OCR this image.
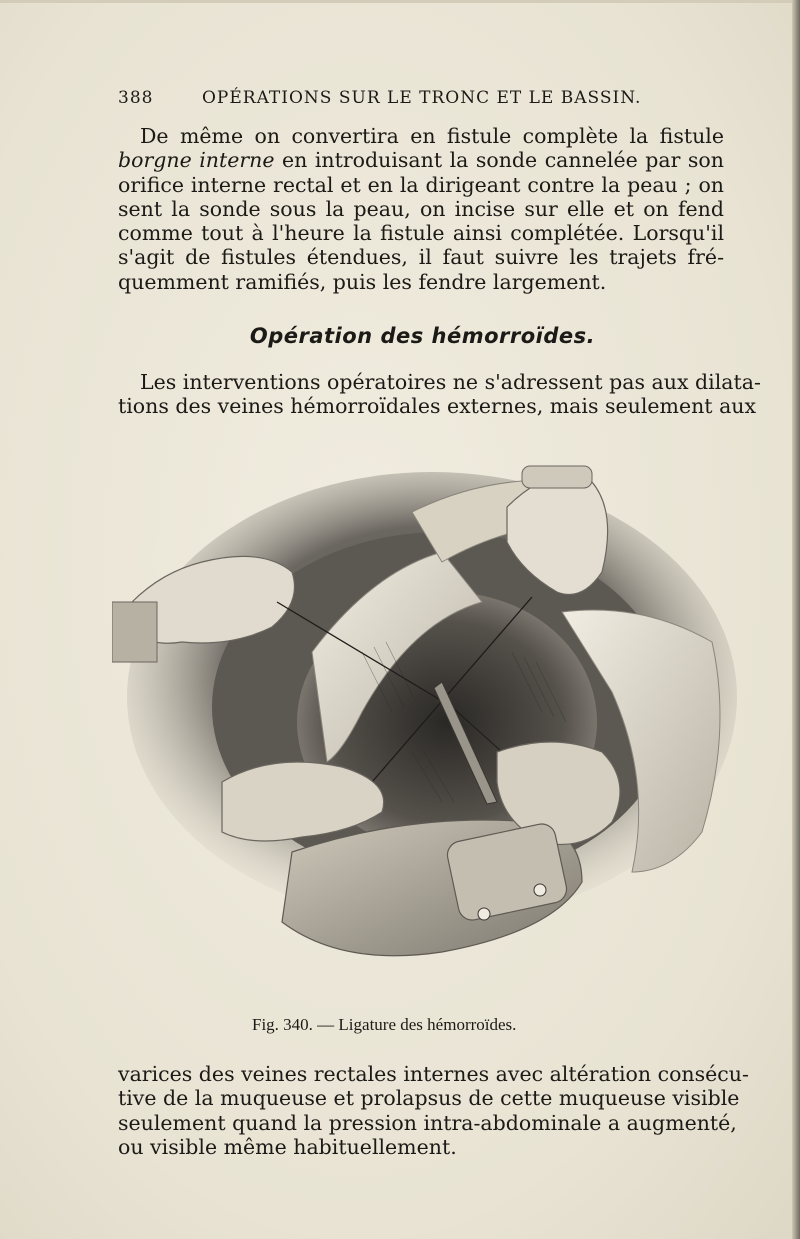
388	OPÉRATIONS SUR LE TRONC ET LE BASSIN.
De même on convertira en fistule complète la fistule
borgne interne en introduisant la sonde cannelée par son
orifice interne rectal et en la dirigeant contre la peau ; on
sent la sonde sous la peau, on incise sur elle et on fend
comme tout à l'heure la fistule ainsi complétée. Lorsqu'il
s'agit de fistules étendues, il faut suivre les trajets fré-
quemment ramifiés, puis les fendre largement.
Opération des hémorroïdes.
Les interventions opératoires ne s'adressent pas aux dilata-
tions des veines hémorroïdales externes, mais seulement aux
Fig. 340. — Ligature des hémorroïdes.
varices des veines rectales internes avec altération consécu-
tive de la muqueuse et prolapsus de cette muqueuse visible
seulement quand la pression intra-abdominale a augmenté,
ou visible même habituellement.
